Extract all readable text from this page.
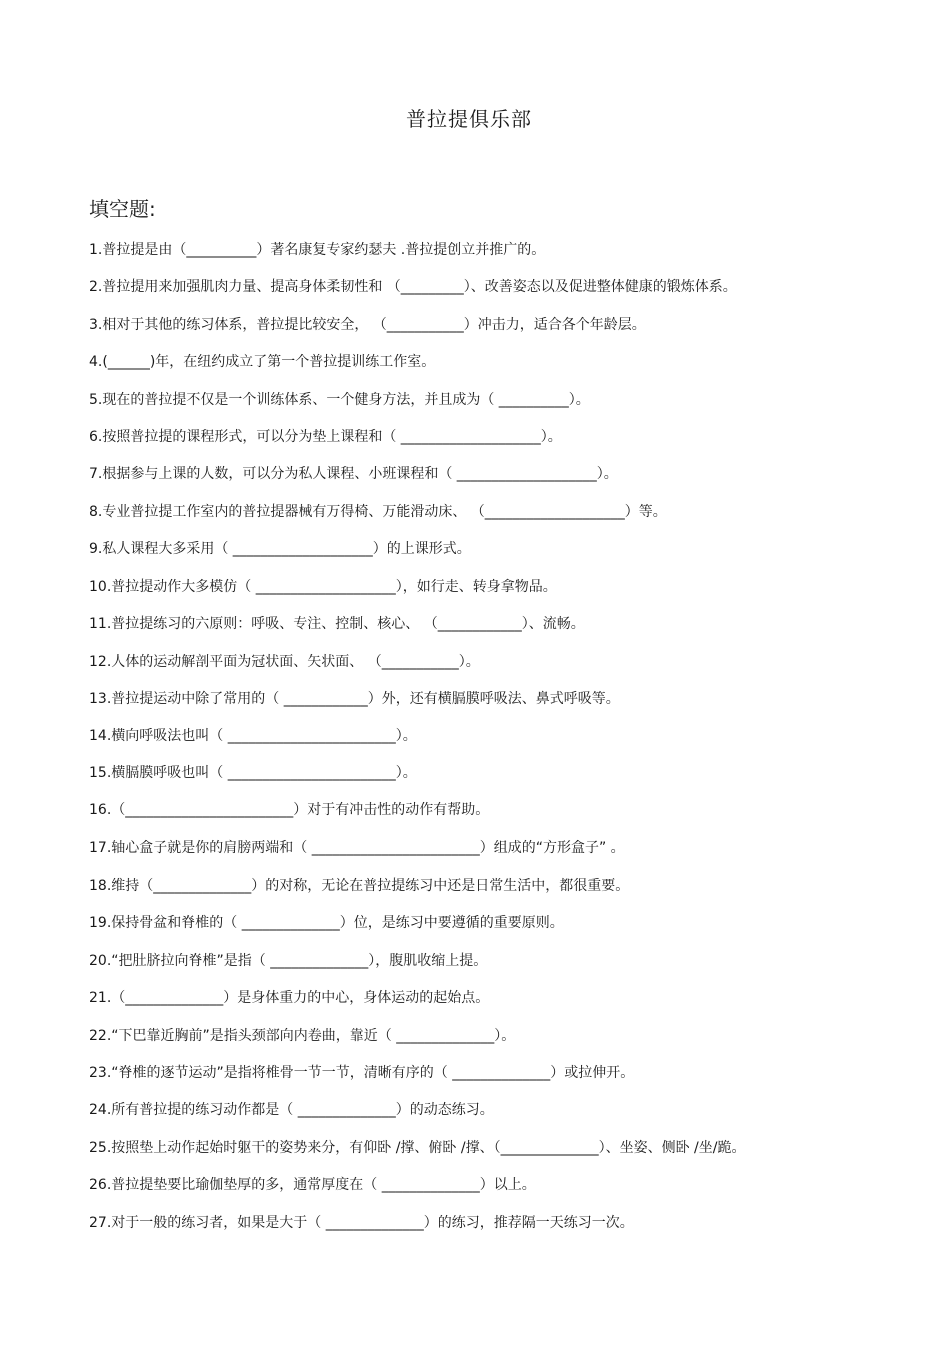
普拉提俱乐部
填空题:
1.普拉提是由（__________）著名康复专家约瑟夫 .普拉提创立并推广的。
2.普拉提用来加强肌肉力量、提高身体柔韧性和 （_________）、改善姿态以及促进整体健康的锻炼体系。
3.相对于其他的练习体系，普拉提比较安全， （___________）冲击力，适合各个年龄层。
4.(______)年，在纽约成立了第一个普拉提训练工作室。
5.现在的普拉提不仅是一个训练体系、一个健身方法，并且成为（ __________）。
6.按照普拉提的课程形式，可以分为垫上课程和（ ____________________）。
7.根据参与上课的人数，可以分为私人课程、小班课程和（ ____________________）。
8.专业普拉提工作室内的普拉提器械有万得椅、万能滑动床、 （____________________）等。
9.私人课程大多采用（ ____________________）的上课形式。
10.普拉提动作大多模仿（ ____________________），如行走、转身拿物品。
11.普拉提练习的六原则：呼吸、专注、控制、核心、 （____________）、流畅。
12.人体的运动解剖平面为冠状面、矢状面、 （___________）。
13.普拉提运动中除了常用的（ ____________）外，还有横膈膜呼吸法、鼻式呼吸等。
14.横向呼吸法也叫（ ________________________）。
15.横膈膜呼吸也叫（ ________________________）。
16.（________________________）对于有冲击性的动作有帮助。
17.轴心盒子就是你的肩膀两端和（ ________________________）组成的“方形盒子” 。
18.维持（______________）的对称，无论在普拉提练习中还是日常生活中，都很重要。
19.保持骨盆和脊椎的（ ______________）位，是练习中要遵循的重要原则。
20.“把肚脐拉向脊椎”是指（ ______________），腹肌收缩上提。
21.（______________）是身体重力的中心，身体运动的起始点。
22.“下巴靠近胸前”是指头颈部向内卷曲，靠近（ ______________）。
23.“脊椎的逐节运动”是指将椎骨一节一节，清晰有序的（ ______________）或拉伸开。
24.所有普拉提的练习动作都是（ ______________）的动态练习。
25.按照垫上动作起始时躯干的姿势来分，有仰卧 /撑、俯卧 /撑、（______________）、坐姿、侧卧 /坐/跪。
26.普拉提垫要比瑜伽垫厚的多，通常厚度在（ ______________）以上。
27.对于一般的练习者，如果是大于（ ______________）的练习，推荐隔一天练习一次。
